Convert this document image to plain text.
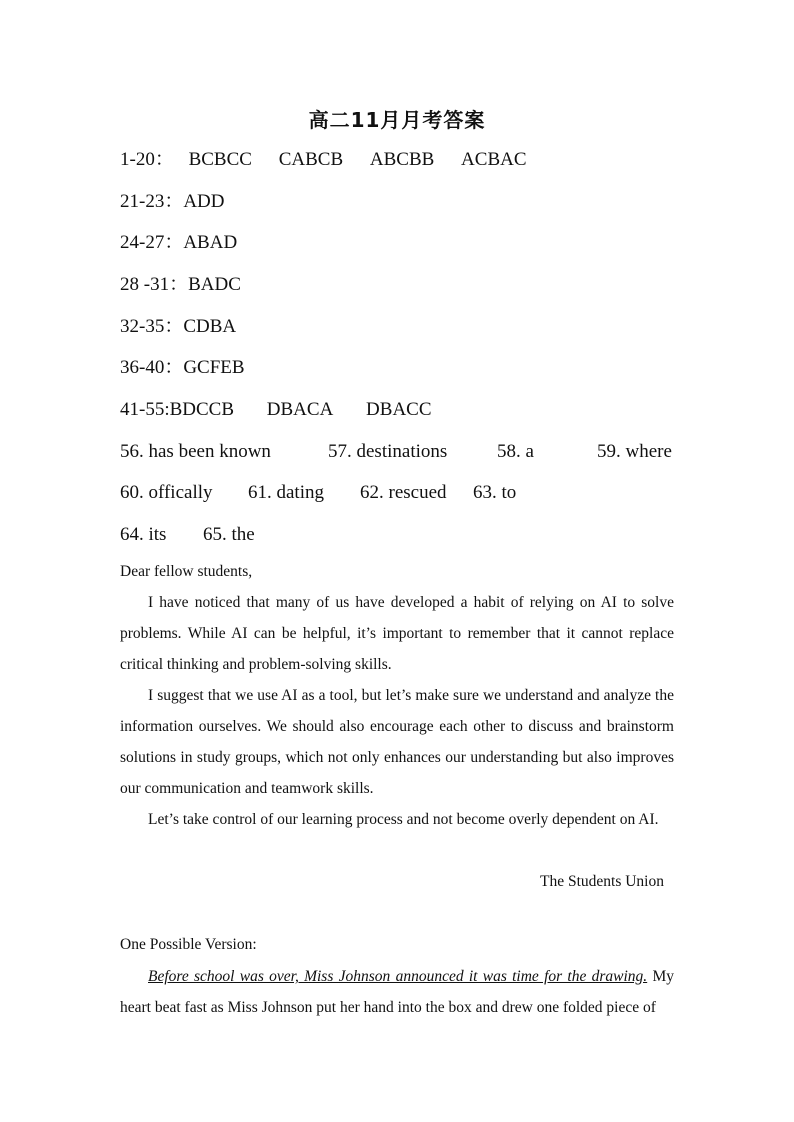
高二11月月考答案
1-20： BCBCC CABCB ABCBB ACBAC
21-23：ADD
24-27：ABAD
28 -31：BADC
32-35：CDBA
36-40：GCFEB
41-55:BDCCB DBACA DBACC
56. has been known	57. destinations	58. a	59. where
60. offically 61. dating 62. rescued 63. to
64. its 65. the

Dear fellow students,

I have noticed that many of us have developed a habit of relying on AI to solve problems. While AI can be helpful, it’s important to remember that it cannot replace critical thinking and problem-solving skills.

I suggest that we use AI as a tool, but let’s make sure we understand and analyze the information ourselves. We should also encourage each other to discuss and brainstorm solutions in study groups, which not only enhances our understanding but also improves our communication and teamwork skills.

Let’s take control of our learning process and not become overly dependent on AI.

The Students Union
One Possible Version:
Before school was over, Miss Johnson announced it was time for the drawing. My heart beat fast as Miss Johnson put her hand into the box and drew one folded piece of
